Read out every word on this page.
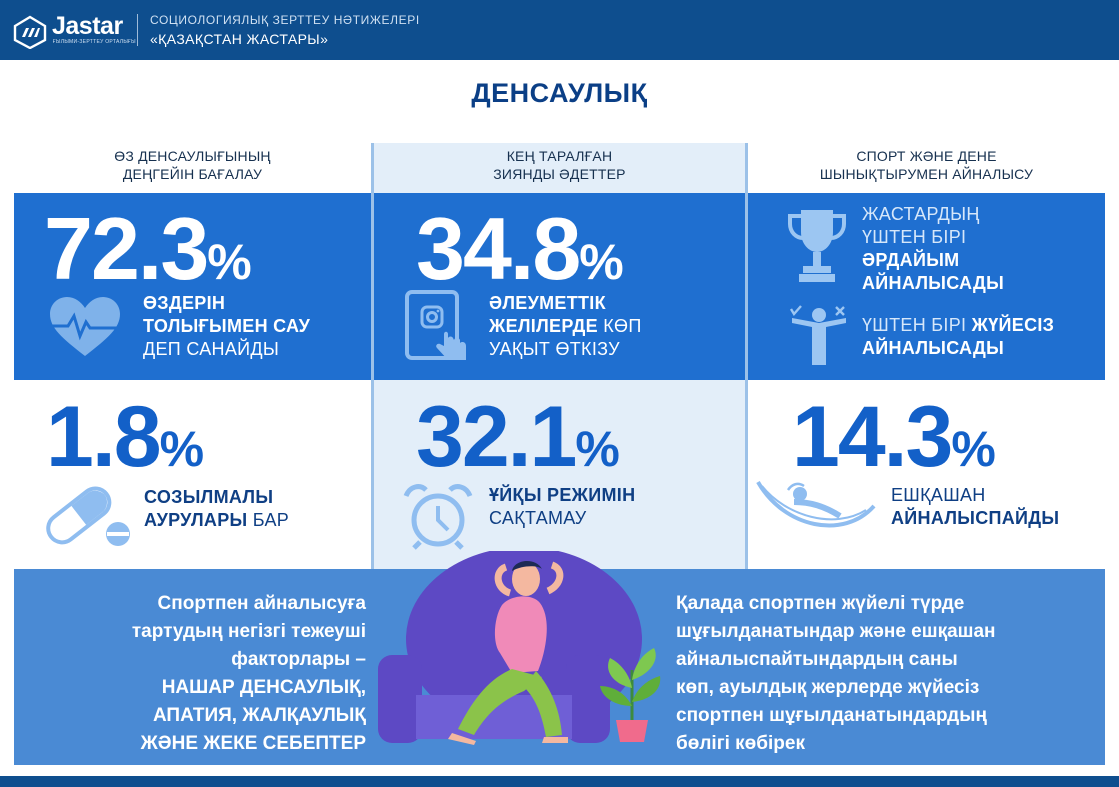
Jastar
ҒЫЛЫМИ-ЗЕРТТЕУ ОРТАЛЫҒЫ
СОЦИОЛОГИЯЛЫҚ ЗЕРТТЕУ НӘТИЖЕЛЕРІ
«ҚАЗАҚСТАН ЖАСТАРЫ»
ДЕНСАУЛЫҚ
ӨЗ ДЕНСАУЛЫҒЫНЫҢ
ДЕҢГЕЙІН БАҒАЛАУ
КЕҢ ТАРАЛҒАН
ЗИЯНДЫ ӘДЕТТЕР
СПОРТ ЖӘНЕ ДЕНЕ
ШЫНЫҚТЫРУМЕН АЙНАЛЫСУ
72.3%
ӨЗДЕРІН
ТОЛЫҒЫМЕН САУ
ДЕП САНАЙДЫ
34.8%
ӘЛЕУМЕТТІК
ЖЕЛІЛЕРДЕ КӨП
УАҚЫТ ӨТКІЗУ
ЖАСТАРДЫҢ
ҮШТЕН БІРІ
ӘРДАЙЫМ
АЙНАЛЫСАДЫ
ҮШТЕН БІРІ ЖҮЙЕСІЗ
АЙНАЛЫСАДЫ
1.8%
СОЗЫЛМАЛЫ
АУРУЛАРЫ БАР
32.1%
ҰЙҚЫ РЕЖИМІН
САҚТАМАУ
14.3%
ЕШҚАШАН
АЙНАЛЫСПАЙДЫ
Спортпен айналысуға
тартудың негізгі тежеуші
факторлары –
НАШАР ДЕНСАУЛЫҚ,
АПАТИЯ, ЖАЛҚАУЛЫҚ
ЖӘНЕ ЖЕКЕ СЕБЕПТЕР
Қалада спортпен жүйелі түрде
шұғылданатындар және ешқашан
айналыспайтындардың саны
көп, ауылдық жерлерде жүйесіз
спортпен шұғылданатындардың
бөлігі көбірек
